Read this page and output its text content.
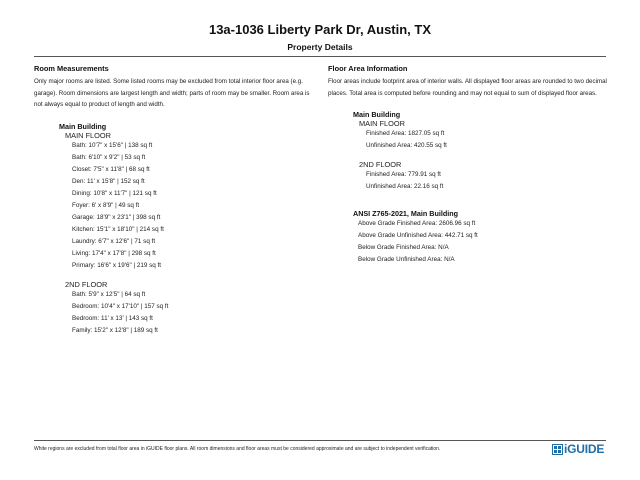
13a-1036 Liberty Park Dr, Austin, TX
Property Details
Room Measurements

Only major rooms are listed. Some listed rooms may be excluded from total interior floor area (e.g. garage). Room dimensions are largest length and width; parts of room may be smaller. Room area is not always equal to product of length and width.

Main Building
MAIN FLOOR
Bath: 10'7" x 15'6" | 138 sq ft
Bath: 6'10" x 9'2" | 53 sq ft
Closet: 7'5" x 11'8" | 68 sq ft
Den: 11' x 15'8" | 152 sq ft
Dining: 10'8" x 11'7" | 121 sq ft
Foyer: 6' x 8'9" | 49 sq ft
Garage: 18'9" x 23'1" | 398 sq ft
Kitchen: 15'1" x 18'10" | 214 sq ft
Laundry: 6'7" x 12'6" | 71 sq ft
Living: 17'4" x 17'8" | 298 sq ft
Primary: 16'6" x 19'6" | 219 sq ft
2ND FLOOR
Bath: 5'9" x 12'5" | 64 sq ft
Bedroom: 10'4" x 17'10" | 157 sq ft
Bedroom: 11' x 13' | 143 sq ft
Family: 15'2" x 12'8" | 189 sq ft
Floor Area Information

Floor areas include footprint area of interior walls. All displayed floor areas are rounded to two decimal places. Total area is computed before rounding and may not equal to sum of displayed floor areas.

Main Building
MAIN FLOOR
Finished Area: 1827.05 sq ft
Unfinished Area: 420.55 sq ft
2ND FLOOR
Finished Area: 779.91 sq ft
Unfinished Area: 22.16 sq ft
ANSI Z765-2021, Main Building
Above Grade Finished Area: 2606.96 sq ft
Above Grade Unfinished Area: 442.71 sq ft
Below Grade Finished Area: N/A
Below Grade Unfinished Area: N/A
White regions are excluded from total floor area in iGUIDE floor plans. All room dimensions and floor areas must be considered approximate and are subject to independent verification.	iGUIDE
